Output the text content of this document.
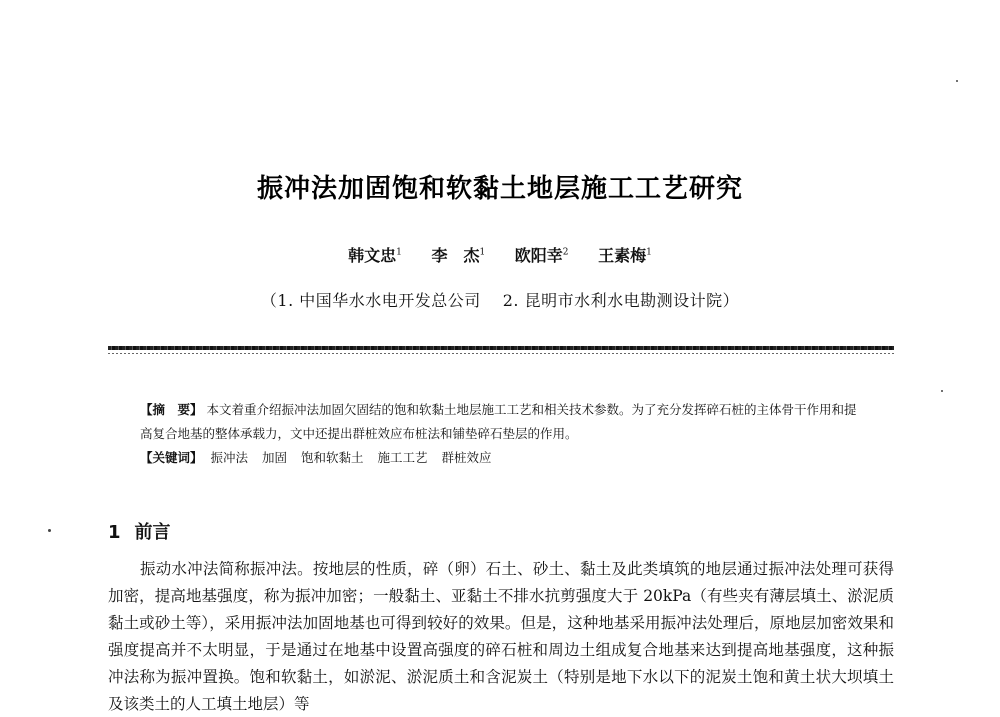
振冲法加固饱和软黏土地层施工工艺研究
韩文忠$^1$ 李　杰$^1$ 欧阳幸$^2$ 王素梅$^1$
（1. 中国华水水电开发总公司 2. 昆明市水利水电勘测设计院）

【摘　要】 本文着重介绍振冲法加固欠固结的饱和软黏土地层施工工艺和相关技术参数。为了充分发挥碎石桩的主体骨干作用和提高复合地基的整体承载力，文中还提出群桩效应布桩法和铺垫碎石垫层的作用。

【关键词】 振冲法 加固 饱和软黏土 施工工艺 群桩效应

1 前言

振动水冲法简称振冲法。按地层的性质，碎（卵）石土、砂土、黏土及此类填筑的地层通过振冲法处理可获得加密，提高地基强度，称为振冲加密；一般黏土、亚黏土不排水抗剪强度大于 20kPa（有些夹有薄层填土、淤泥质黏土或砂土等），采用振冲法加固地基也可得到较好的效果。但是，这种地基采用振冲法处理后，原地层加密效果和强度提高并不太明显，于是通过在地基中设置高强度的碎石桩和周边土组成复合地基来达到提高地基强度，这种振冲法称为振冲置换。饱和软黏土，如淤泥、淤泥质土和含泥炭土（特别是地下水以下的泥炭土饱和黄土状大坝填土及该类土的人工填土地层）等
